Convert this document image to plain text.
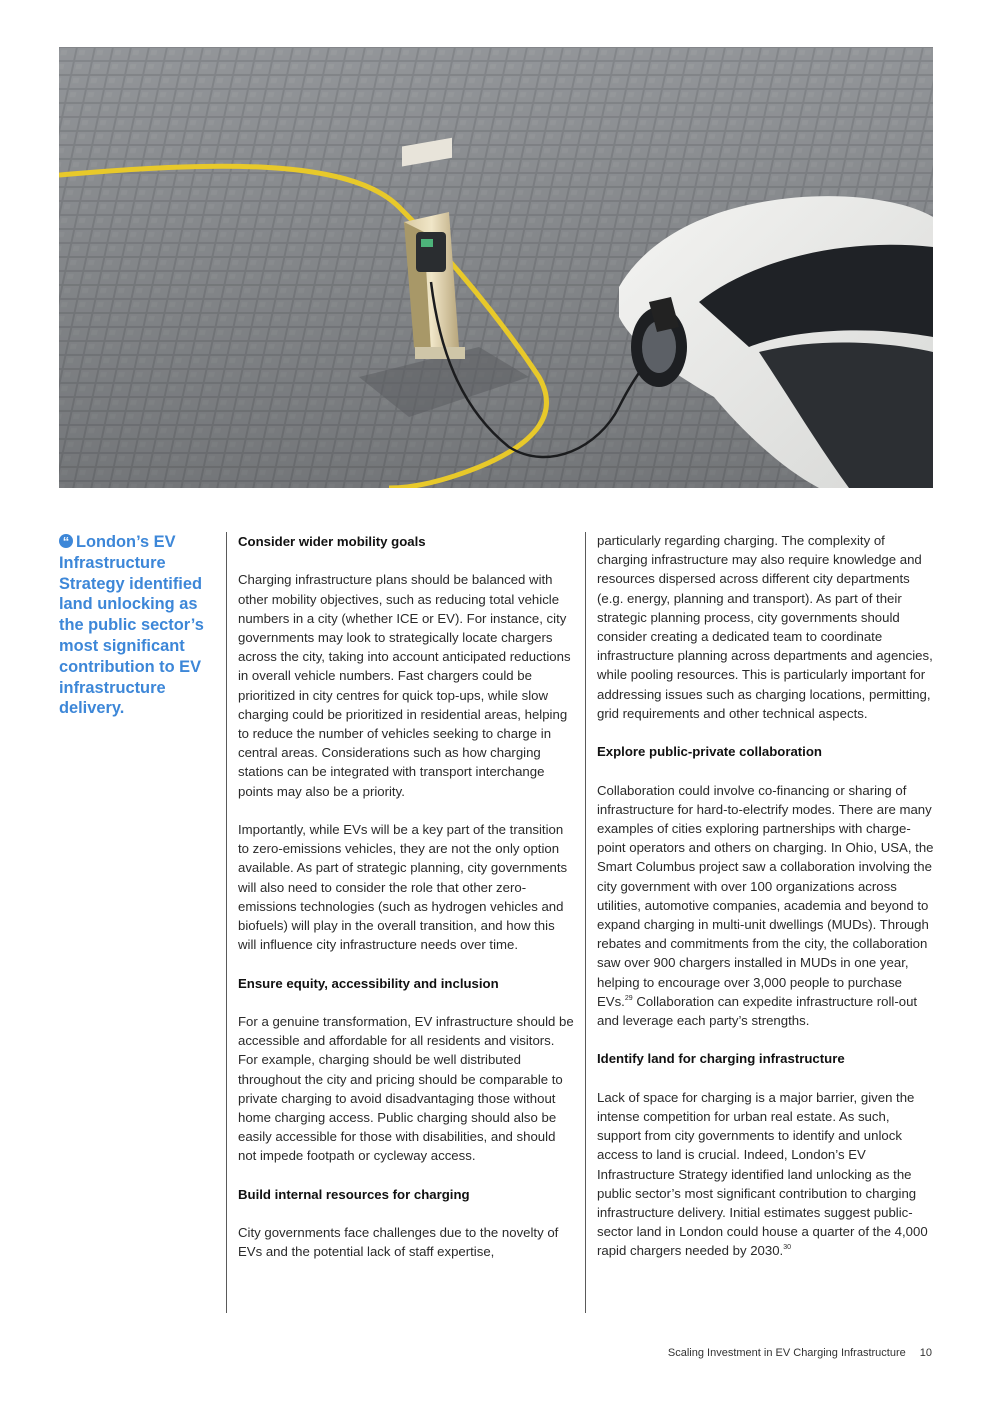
“ London’s EV Infrastructure Strategy identified land unlocking as the public sector’s most significant contribution to EV infrastructure delivery.
Consider wider mobility goals

Charging infrastructure plans should be balanced with other mobility objectives, such as reducing total vehicle numbers in a city (whether ICE or EV). For instance, city governments may look to strategically locate chargers across the city, taking into account anticipated reductions in overall vehicle numbers. Fast chargers could be prioritized in city centres for quick top-ups, while slow charging could be prioritized in residential areas, helping to reduce the number of vehicles seeking to charge in central areas. Considerations such as how charging stations can be integrated with transport interchange points may also be a priority.

Importantly, while EVs will be a key part of the transition to zero-emissions vehicles, they are not the only option available. As part of strategic planning, city governments will also need to consider the role that other zero-emissions technologies (such as hydrogen vehicles and biofuels) will play in the overall transition, and how this will influence city infrastructure needs over time.

Ensure equity, accessibility and inclusion

For a genuine transformation, EV infrastructure should be accessible and affordable for all residents and visitors. For example, charging should be well distributed throughout the city and pricing should be comparable to private charging to avoid disadvantaging those without home charging access. Public charging should also be easily accessible for those with disabilities, and should not impede footpath or cycleway access.

Build internal resources for charging

City governments face challenges due to the novelty of EVs and the potential lack of staff expertise,

particularly regarding charging. The complexity of charging infrastructure may also require knowledge and resources dispersed across different city departments (e.g. energy, planning and transport). As part of their strategic planning process, city governments should consider creating a dedicated team to coordinate infrastructure planning across departments and agencies, while pooling resources. This is particularly important for addressing issues such as charging locations, permitting, grid requirements and other technical aspects.

Explore public-private collaboration

Collaboration could involve co-financing or sharing of infrastructure for hard-to-electrify modes. There are many examples of cities exploring partnerships with charge-point operators and others on charging. In Ohio, USA, the Smart Columbus project saw a collaboration involving the city government with over 100 organizations across utilities, automotive companies, academia and beyond to expand charging in multi-unit dwellings (MUDs). Through rebates and commitments from the city, the collaboration saw over 900 chargers installed in MUDs in one year, helping to encourage over 3,000 people to purchase EVs.$^{29}$ Collaboration can expedite infrastructure roll-out and leverage each party’s strengths.

Identify land for charging infrastructure

Lack of space for charging is a major barrier, given the intense competition for urban real estate. As such, support from city governments to identify and unlock access to land is crucial. Indeed, London’s EV Infrastructure Strategy identified land unlocking as the public sector’s most significant contribution to charging infrastructure delivery. Initial estimates suggest public-sector land in London could house a quarter of the 4,000 rapid chargers needed by 2030.30

Scaling Investment in EV Charging Infrastructure 10
